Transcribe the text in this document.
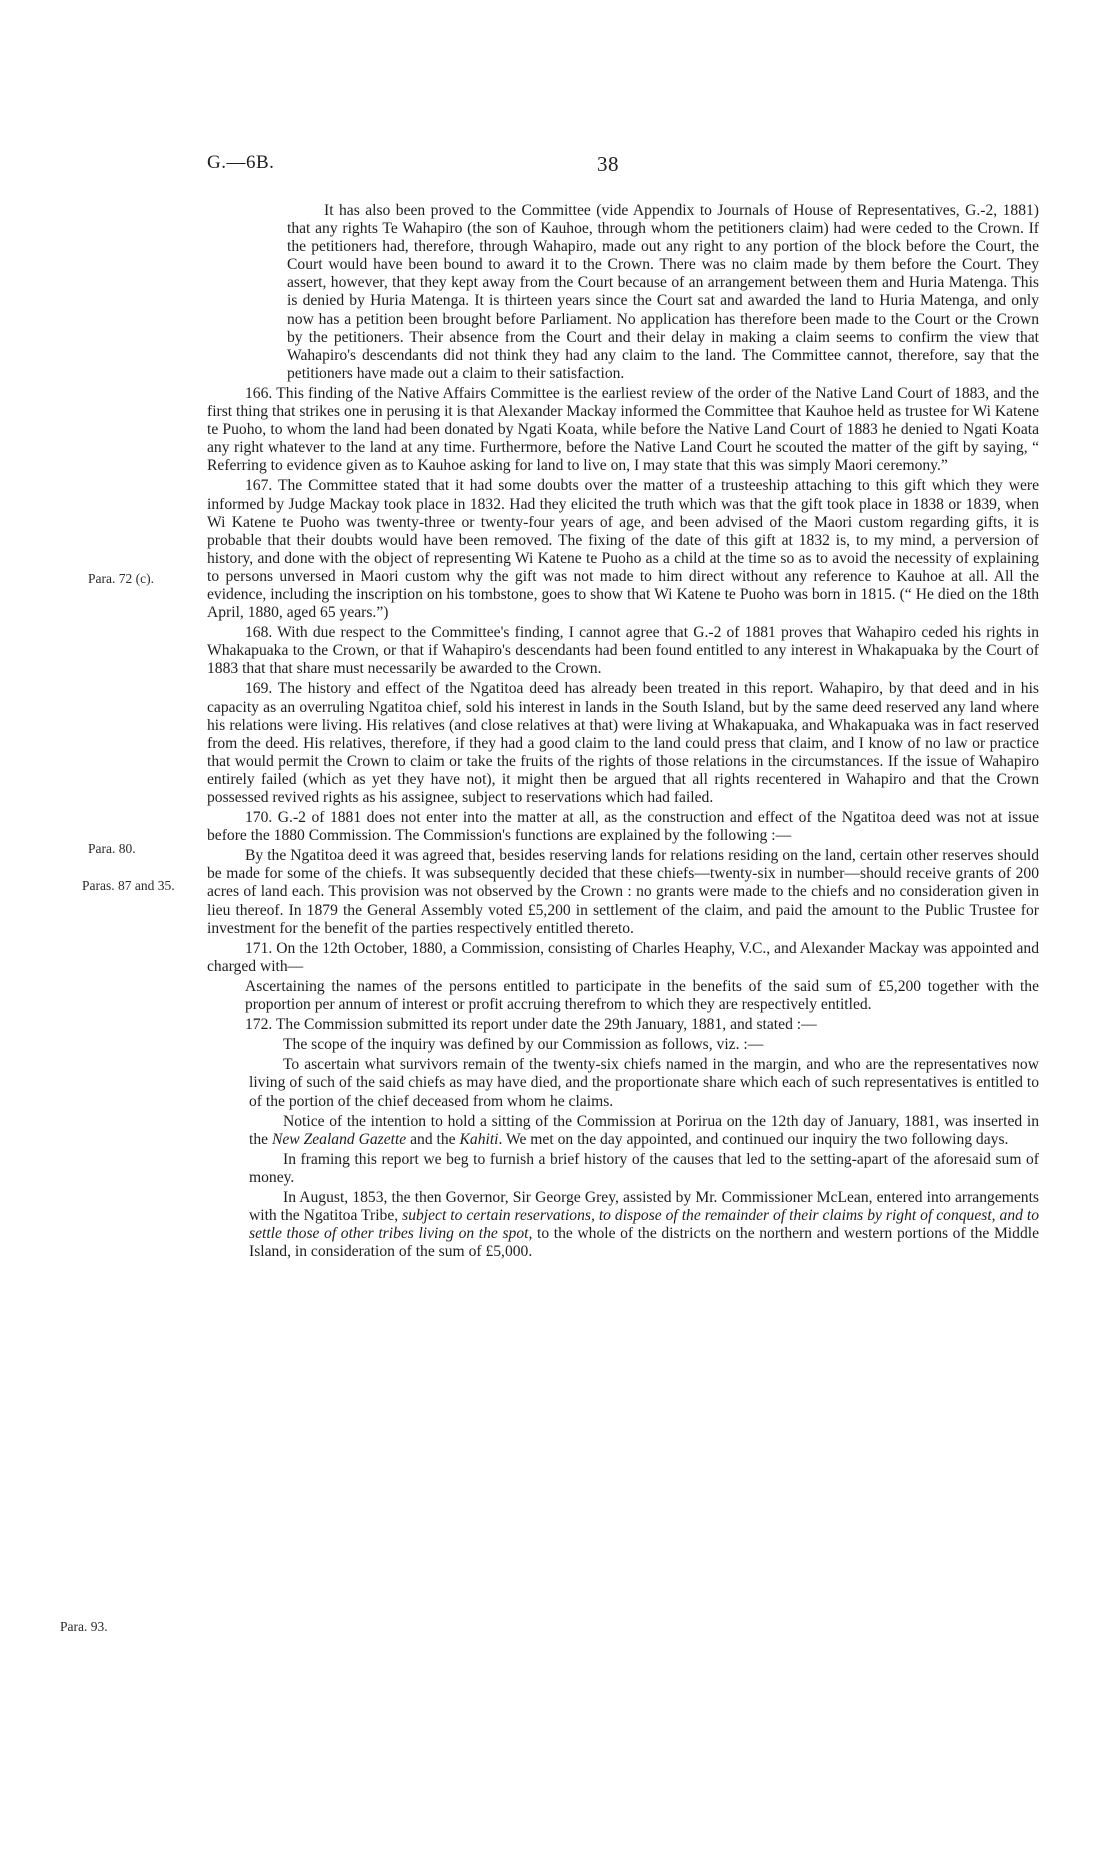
G.—6B.	38
Para. 72 (c).
Para. 80.
Paras. 87 and 35.
Para. 93.

It has also been proved to the Committee (vide Appendix to Journals of House of Representatives, G.-2, 1881) that any rights Te Wahapiro (the son of Kauhoe, through whom the petitioners claim) had were ceded to the Crown. If the petitioners had, therefore, through Wahapiro, made out any right to any portion of the block before the Court, the Court would have been bound to award it to the Crown. There was no claim made by them before the Court. They assert, however, that they kept away from the Court because of an arrangement between them and Huria Matenga. This is denied by Huria Matenga. It is thirteen years since the Court sat and awarded the land to Huria Matenga, and only now has a petition been brought before Parliament. No application has therefore been made to the Court or the Crown by the petitioners. Their absence from the Court and their delay in making a claim seems to confirm the view that Wahapiro's descendants did not think they had any claim to the land. The Committee cannot, therefore, say that the petitioners have made out a claim to their satisfaction.

166. This finding of the Native Affairs Committee is the earliest review of the order of the Native Land Court of 1883, and the first thing that strikes one in perusing it is that Alexander Mackay informed the Committee that Kauhoe held as trustee for Wi Katene te Puoho, to whom the land had been donated by Ngati Koata, while before the Native Land Court of 1883 he denied to Ngati Koata any right whatever to the land at any time. Furthermore, before the Native Land Court he scouted the matter of the gift by saying, “ Referring to evidence given as to Kauhoe asking for land to live on, I may state that this was simply Maori ceremony.”

167. The Committee stated that it had some doubts over the matter of a trusteeship attaching to this gift which they were informed by Judge Mackay took place in 1832. Had they elicited the truth which was that the gift took place in 1838 or 1839, when Wi Katene te Puoho was twenty-three or twenty-four years of age, and been advised of the Maori custom regarding gifts, it is probable that their doubts would have been removed. The fixing of the date of this gift at 1832 is, to my mind, a perversion of history, and done with the object of representing Wi Katene te Puoho as a child at the time so as to avoid the necessity of explaining to persons unversed in Maori custom why the gift was not made to him direct without any reference to Kauhoe at all. All the evidence, including the inscription on his tombstone, goes to show that Wi Katene te Puoho was born in 1815. (“ He died on the 18th April, 1880, aged 65 years.”)

168. With due respect to the Committee's finding, I cannot agree that G.-2 of 1881 proves that Wahapiro ceded his rights in Whakapuaka to the Crown, or that if Wahapiro's descendants had been found entitled to any interest in Whakapuaka by the Court of 1883 that that share must necessarily be awarded to the Crown.

169. The history and effect of the Ngatitoa deed has already been treated in this report. Wahapiro, by that deed and in his capacity as an overruling Ngatitoa chief, sold his interest in lands in the South Island, but by the same deed reserved any land where his relations were living. His relatives (and close relatives at that) were living at Whakapuaka, and Whakapuaka was in fact reserved from the deed. His relatives, therefore, if they had a good claim to the land could press that claim, and I know of no law or practice that would permit the Crown to claim or take the fruits of the rights of those relations in the circumstances. If the issue of Wahapiro entirely failed (which as yet they have not), it might then be argued that all rights recentered in Wahapiro and that the Crown possessed revived rights as his assignee, subject to reservations which had failed.

170. G.-2 of 1881 does not enter into the matter at all, as the construction and effect of the Ngatitoa deed was not at issue before the 1880 Commission. The Commission's functions are explained by the following :—

By the Ngatitoa deed it was agreed that, besides reserving lands for relations residing on the land, certain other reserves should be made for some of the chiefs. It was subsequently decided that these chiefs—twenty-six in number—should receive grants of 200 acres of land each. This provision was not observed by the Crown : no grants were made to the chiefs and no consideration given in lieu thereof. In 1879 the General Assembly voted £5,200 in settlement of the claim, and paid the amount to the Public Trustee for investment for the benefit of the parties respectively entitled thereto.

171. On the 12th October, 1880, a Commission, consisting of Charles Heaphy, V.C., and Alexander Mackay was appointed and charged with—

Ascertaining the names of the persons entitled to participate in the benefits of the said sum of £5,200 together with the proportion per annum of interest or profit accruing therefrom to which they are respectively entitled.

172. The Commission submitted its report under date the 29th January, 1881, and stated :—

The scope of the inquiry was defined by our Commission as follows, viz. :—

To ascertain what survivors remain of the twenty-six chiefs named in the margin, and who are the representatives now living of such of the said chiefs as may have died, and the proportionate share which each of such representatives is entitled to of the portion of the chief deceased from whom he claims.

Notice of the intention to hold a sitting of the Commission at Porirua on the 12th day of January, 1881, was inserted in the New Zealand Gazette and the Kahiti. We met on the day appointed, and continued our inquiry the two following days.

In framing this report we beg to furnish a brief history of the causes that led to the setting-apart of the aforesaid sum of money.

In August, 1853, the then Governor, Sir George Grey, assisted by Mr. Commissioner McLean, entered into arrangements with the Ngatitoa Tribe, subject to certain reservations, to dispose of the remainder of their claims by right of conquest, and to settle those of other tribes living on the spot, to the whole of the districts on the northern and western portions of the Middle Island, in consideration of the sum of £5,000.
